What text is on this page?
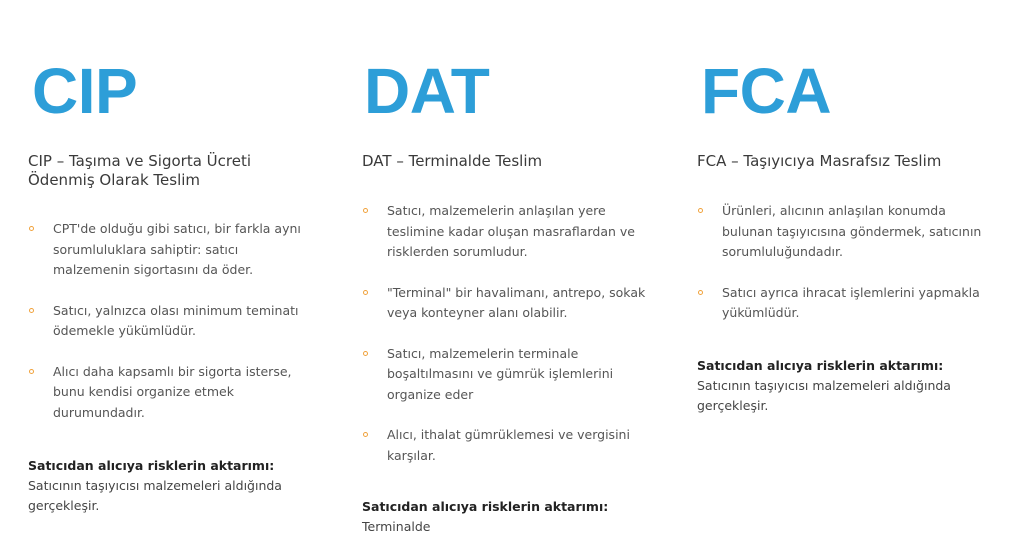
CIP
CIP – Taşıma ve Sigorta Ücreti Ödenmiş Olarak Teslim
CPT'de olduğu gibi satıcı, bir farkla aynı sorumluluklara sahiptir: satıcı malzemenin sigortasını da öder.
Satıcı, yalnızca olası minimum teminatı ödemekle yükümlüdür.
Alıcı daha kapsamlı bir sigorta isterse, bunu kendisi organize etmek durumundadır.
Satıcıdan alıcıya risklerin aktarımı:
Satıcının taşıyıcısı malzemeleri aldığında gerçekleşir.
DAT
DAT – Terminalde Teslim
Satıcı, malzemelerin anlaşılan yere teslimine kadar oluşan masraflardan ve risklerden sorumludur.
"Terminal" bir havalimanı, antrepo, sokak veya konteyner alanı olabilir.
Satıcı, malzemelerin terminale boşaltılmasını ve gümrük işlemlerini organize eder
Alıcı, ithalat gümrüklemesi ve vergisini karşılar.
Satıcıdan alıcıya risklerin aktarımı:
Terminalde
FCA
FCA – Taşıyıcıya Masrafsız Teslim
Ürünleri, alıcının anlaşılan konumda bulunan taşıyıcısına göndermek, satıcının sorumluluğundadır.
Satıcı ayrıca ihracat işlemlerini yapmakla yükümlüdür.
Satıcıdan alıcıya risklerin aktarımı:
Satıcının taşıyıcısı malzemeleri aldığında gerçekleşir.
